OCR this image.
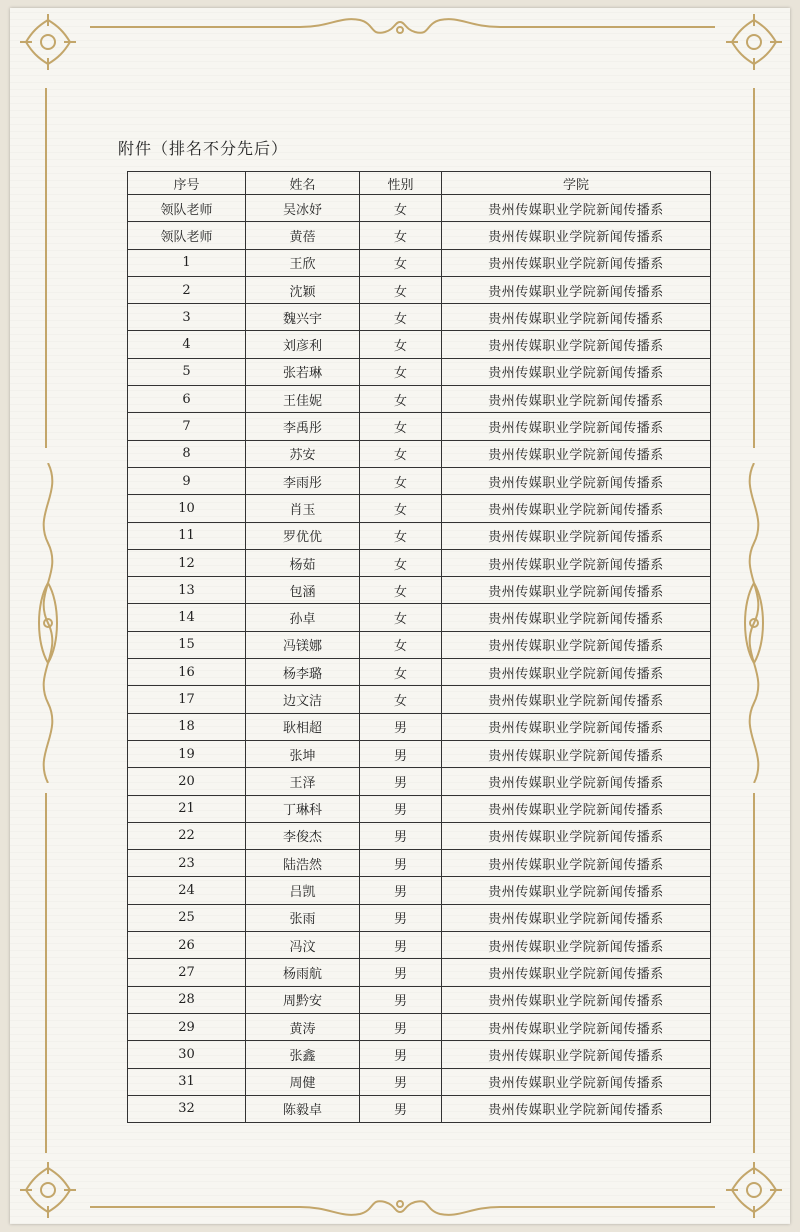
附件（排名不分先后）
序号	姓名	性别	学院
领队老师	吴冰妤	女	贵州传媒职业学院新闻传播系
领队老师	黄蓓	女	贵州传媒职业学院新闻传播系
1	王欣	女	贵州传媒职业学院新闻传播系
2	沈颖	女	贵州传媒职业学院新闻传播系
3	魏兴宇	女	贵州传媒职业学院新闻传播系
4	刘彦利	女	贵州传媒职业学院新闻传播系
5	张若琳	女	贵州传媒职业学院新闻传播系
6	王佳妮	女	贵州传媒职业学院新闻传播系
7	李禹彤	女	贵州传媒职业学院新闻传播系
8	苏安	女	贵州传媒职业学院新闻传播系
9	李雨彤	女	贵州传媒职业学院新闻传播系
10	肖玉	女	贵州传媒职业学院新闻传播系
11	罗优优	女	贵州传媒职业学院新闻传播系
12	杨茹	女	贵州传媒职业学院新闻传播系
13	包涵	女	贵州传媒职业学院新闻传播系
14	孙卓	女	贵州传媒职业学院新闻传播系
15	冯镁娜	女	贵州传媒职业学院新闻传播系
16	杨李璐	女	贵州传媒职业学院新闻传播系
17	边文洁	女	贵州传媒职业学院新闻传播系
18	耿相超	男	贵州传媒职业学院新闻传播系
19	张坤	男	贵州传媒职业学院新闻传播系
20	王泽	男	贵州传媒职业学院新闻传播系
21	丁琳科	男	贵州传媒职业学院新闻传播系
22	李俊杰	男	贵州传媒职业学院新闻传播系
23	陆浩然	男	贵州传媒职业学院新闻传播系
24	吕凯	男	贵州传媒职业学院新闻传播系
25	张雨	男	贵州传媒职业学院新闻传播系
26	冯汶	男	贵州传媒职业学院新闻传播系
27	杨雨航	男	贵州传媒职业学院新闻传播系
28	周黔安	男	贵州传媒职业学院新闻传播系
29	黄涛	男	贵州传媒职业学院新闻传播系
30	张鑫	男	贵州传媒职业学院新闻传播系
31	周健	男	贵州传媒职业学院新闻传播系
32	陈毅卓	男	贵州传媒职业学院新闻传播系
